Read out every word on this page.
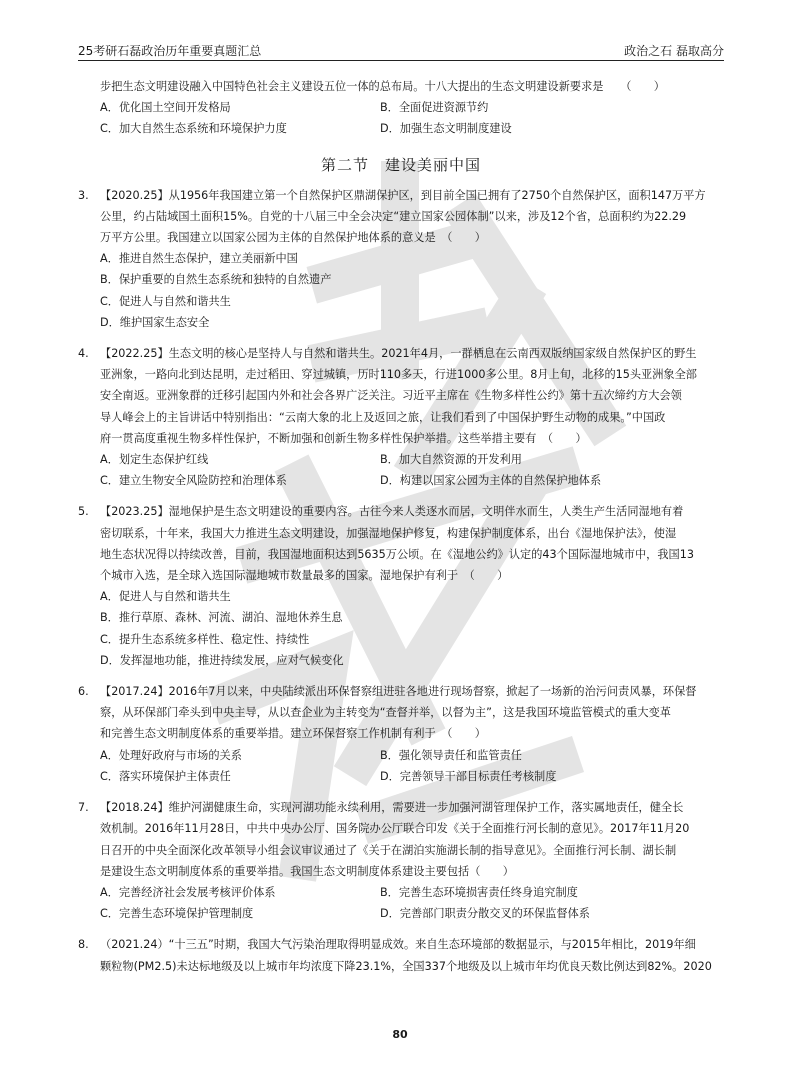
25考研石磊政治历年重要真题汇总	政治之石 磊取高分
步把生态文明建设融入中国特色社会主义建设五位一体的总布局。十八大提出的生态文明建设新要求是　　（　　）
A．优化国土空间开发格局	B．全面促进资源节约
C．加大自然生态系统和环境保护力度	D．加强生态文明制度建设
第二节　建设美丽中国
3.	【2020.25】从1956年我国建立第一个自然保护区鼎湖保护区，到目前全国已拥有了2750个自然保护区，面积147万平方
公里，约占陆域国土面积15%。自党的十八届三中全会决定“建立国家公园体制”以来，涉及12个省，总面积约为22.29
万平方公里。我国建立以国家公园为主体的自然保护地体系的意义是　（　　）
A．推进自然生态保护，建立美丽新中国
B．保护重要的自然生态系统和独特的自然遗产
C．促进人与自然和谐共生
D．维护国家生态安全
4.	【2022.25】生态文明的核心是坚持人与自然和谐共生。2021年4月，一群栖息在云南西双版纳国家级自然保护区的野生
亚洲象，一路向北到达昆明，走过稻田、穿过城镇，历时110多天，行进1000多公里。8月上旬，北移的15头亚洲象全部
安全南返。亚洲象群的迁移引起国内外和社会各界广泛关注。习近平主席在《生物多样性公约》第十五次缔约方大会领
导人峰会上的主旨讲话中特别指出：“云南大象的北上及返回之旅，让我们看到了中国保护野生动物的成果。”中国政
府一贯高度重视生物多样性保护，不断加强和创新生物多样性保护举措。这些举措主要有　（　　）
A．划定生态保护红线	B．加大自然资源的开发利用
C．建立生物安全风险防控和治理体系	D．构建以国家公园为主体的自然保护地体系
5.	【2023.25】湿地保护是生态文明建设的重要内容。古往今来人类逐水而居，文明伴水而生，人类生产生活同湿地有着
密切联系，十年来，我国大力推进生态文明建设，加强湿地保护修复，构建保护制度体系，出台《湿地保护法》，使湿
地生态状况得以持续改善，目前，我国湿地面积达到5635万公顷。在《湿地公约》认定的43个国际湿地城市中，我国13
个城市入选，是全球入选国际湿地城市数量最多的国家。湿地保护有利于　（　　）
A．促进人与自然和谐共生
B．推行草原、森林、河流、湖泊、湿地休养生息
C．提升生态系统多样性、稳定性、持续性
D．发挥湿地功能，推进持续发展，应对气候变化
6.	【2017.24】2016年7月以来，中央陆续派出环保督察组进驻各地进行现场督察，掀起了一场新的治污问责风暴，环保督
察，从环保部门牵头到中央主导，从以查企业为主转变为“查督并举，以督为主”，这是我国环境监管模式的重大变革
和完善生态文明制度体系的重要举措。建立环保督察工作机制有利于　（　　）
A．处理好政府与市场的关系	B．强化领导责任和监管责任
C．落实环境保护主体责任	D．完善领导干部目标责任考核制度
7.	【2018.24】维护河湖健康生命，实现河湖功能永续利用，需要进一步加强河湖管理保护工作，落实属地责任，健全长
效机制。2016年11月28日，中共中央办公厅、国务院办公厅联合印发《关于全面推行河长制的意见》。2017年11月20
日召开的中央全面深化改革领导小组会议审议通过了《关于在湖泊实施湖长制的指导意见》。全面推行河长制、湖长制
是建设生态文明制度体系的重要举措。我国生态文明制度体系建设主要包括（　　）
A．完善经济社会发展考核评价体系	B．完善生态环境损害责任终身追究制度
C．完善生态环境保护管理制度	D．完善部门职责分散交叉的环保监督体系
8.	（2021.24）“十三五”时期，我国大气污染治理取得明显成效。来自生态环境部的数据显示，与2015年相比，2019年细
颗粒物(PM2.5)未达标地级及以上城市年均浓度下降23.1%，全国337个地级及以上城市年均优良天数比例达到82%。2020
80
